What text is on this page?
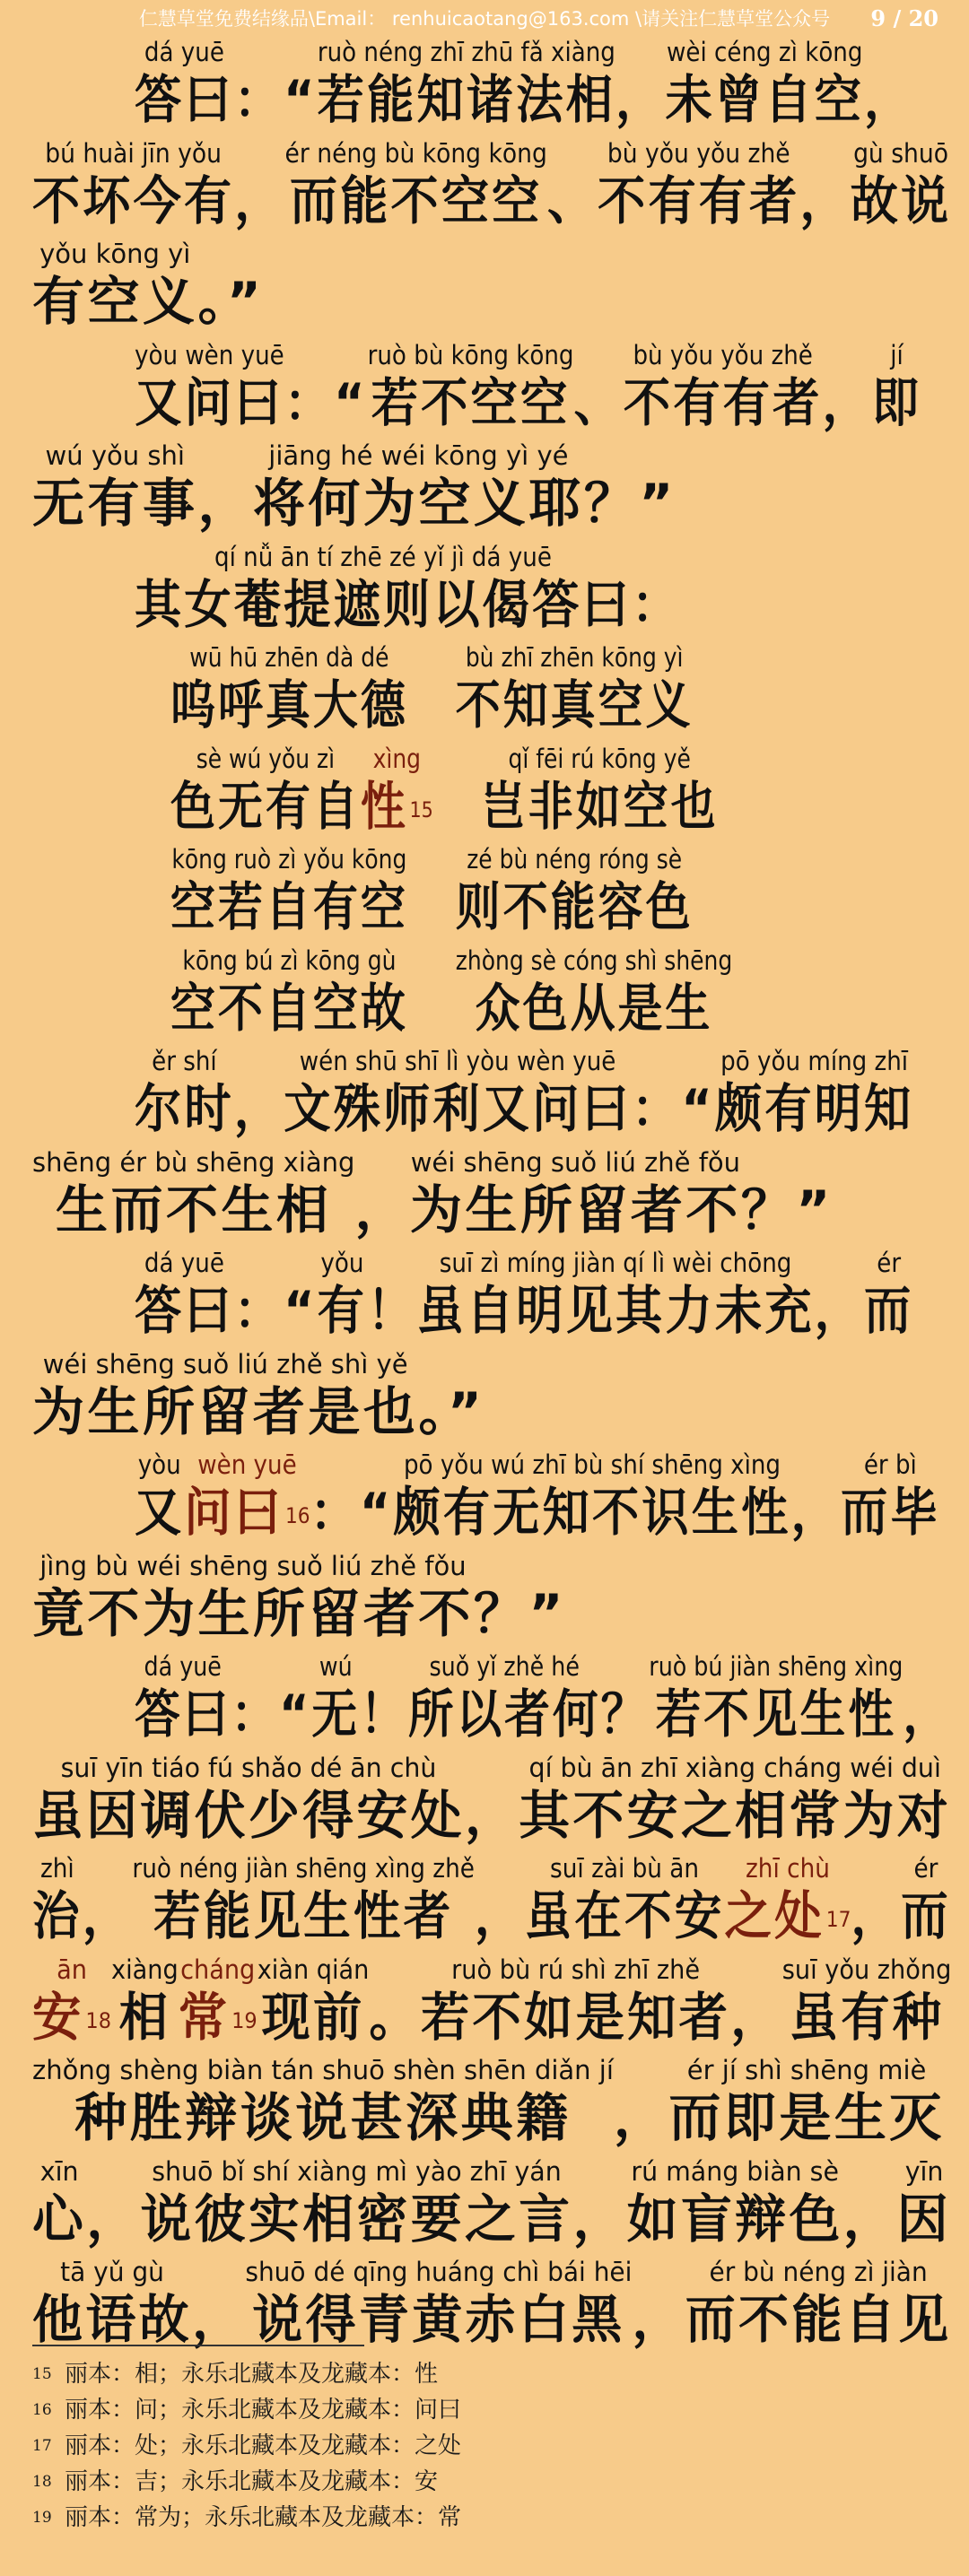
仁慧草堂免费结缘品\Email： renhuicaotang@163.com \请关注仁慧草堂公众号 9 / 20
dá yuē
答曰 ：“
ruò néng zhī zhū fǎ xiàng
若能知诸法相 ，
wèi céng zì kōng
未曾自空 ，
bú huài jīn yǒu
不坏今有 ，
ér néng bù kōng kōng
而能不空空 、
bù yǒu yǒu zhě
不有有者 ，
gù shuō
故说
yǒu kōng yì
有空义 。”
yòu wèn yuē
又问曰 ：“
ruò bù kōng kōng
若不空空 、
bù yǒu yǒu zhě
不有有者 ，
jí
即
wú yǒu shì
无有事 ，
jiāng hé wéi kōng yì yé
将何为空义耶 ？”
qí nǚ ān tí zhē zé yǐ jì dá yuē
其女菴提遮则以偈答曰 ：
wū hū zhēn dà dé
呜呼真大德

bù zhī zhēn kōng yì
不知真空义
sè wú yǒu zì
色无有自
xìng
性$^{15}$

qǐ fēi rú kōng yě
岂非如空也
kōng ruò zì yǒu kōng
空若自有空

zé bù néng róng sè
则不能容色
kōng bú zì kōng gù
空不自空故

zhòng sè cóng shì shēng
众色从是生
ěr shí
尔时 ，
wén shū shī lì yòu wèn yuē
文殊师利又问曰 ：“
pō yǒu míng zhī
颇有明知
shēng ér bù shēng xiàng
生而不生相 ，
wéi shēng suǒ liú zhě fǒu
为生所留者不 ？”
dá yuē
答曰 ：“
yǒu
有 ！
suī zì míng jiàn qí lì wèi chōng
虽自明见其力未充 ，
ér
而
wéi shēng suǒ liú zhě shì yě
为生所留者是也 。”
yòu
又
wèn yuē
问曰$^{16}$ ：“
pō yǒu wú zhī bù shí shēng xìng
颇有无知不识生性 ，
ér bì
而毕
jìng bù wéi shēng suǒ liú zhě fǒu
竟不为生所留者不 ？”
dá yuē
答曰 ：“
wú
无 ！
suǒ yǐ zhě hé
所以者何 ？
ruò bú jiàn shēng xìng
若不见生性 ，
suī yīn tiáo fú shǎo dé ān chù
虽因调伏少得安处 ，
qí bù ān zhī xiàng cháng wéi duì
其不安之相常为对
zhì
治 ，
ruò néng jiàn shēng xìng zhě
若能见生性者 ，
suī zài bù ān
虽在不安
zhī chù
之处$^{17}$ ，
ér
而
ān
安$^{18}$
xiàng
相
cháng
常$^{19}$
xiàn qián
现前 。
ruò bù rú shì zhī zhě
若不如是知者 ，
suī yǒu zhǒng
虽有种
zhǒng shèng biàn tán shuō shèn shēn diǎn jí
种胜辩谈说甚深典籍 ，
ér jí shì shēng miè
而即是生灭
xīn
心 ，
shuō bǐ shí xiàng mì yào zhī yán
说彼实相密要之言 ，
rú máng biàn sè
如盲辩色 ，
yīn
因
tā yǔ gù
他语故 ，
shuō dé qīng huáng chì bái hēi
说得青黄赤白黑 ，
ér bù néng zì jiàn
而不能自见
15 丽本：相；永乐北藏本及龙藏本：性
16 丽本：问；永乐北藏本及龙藏本：问曰
17 丽本：处；永乐北藏本及龙藏本：之处
18 丽本：吉；永乐北藏本及龙藏本：安
19 丽本：常为；永乐北藏本及龙藏本：常
